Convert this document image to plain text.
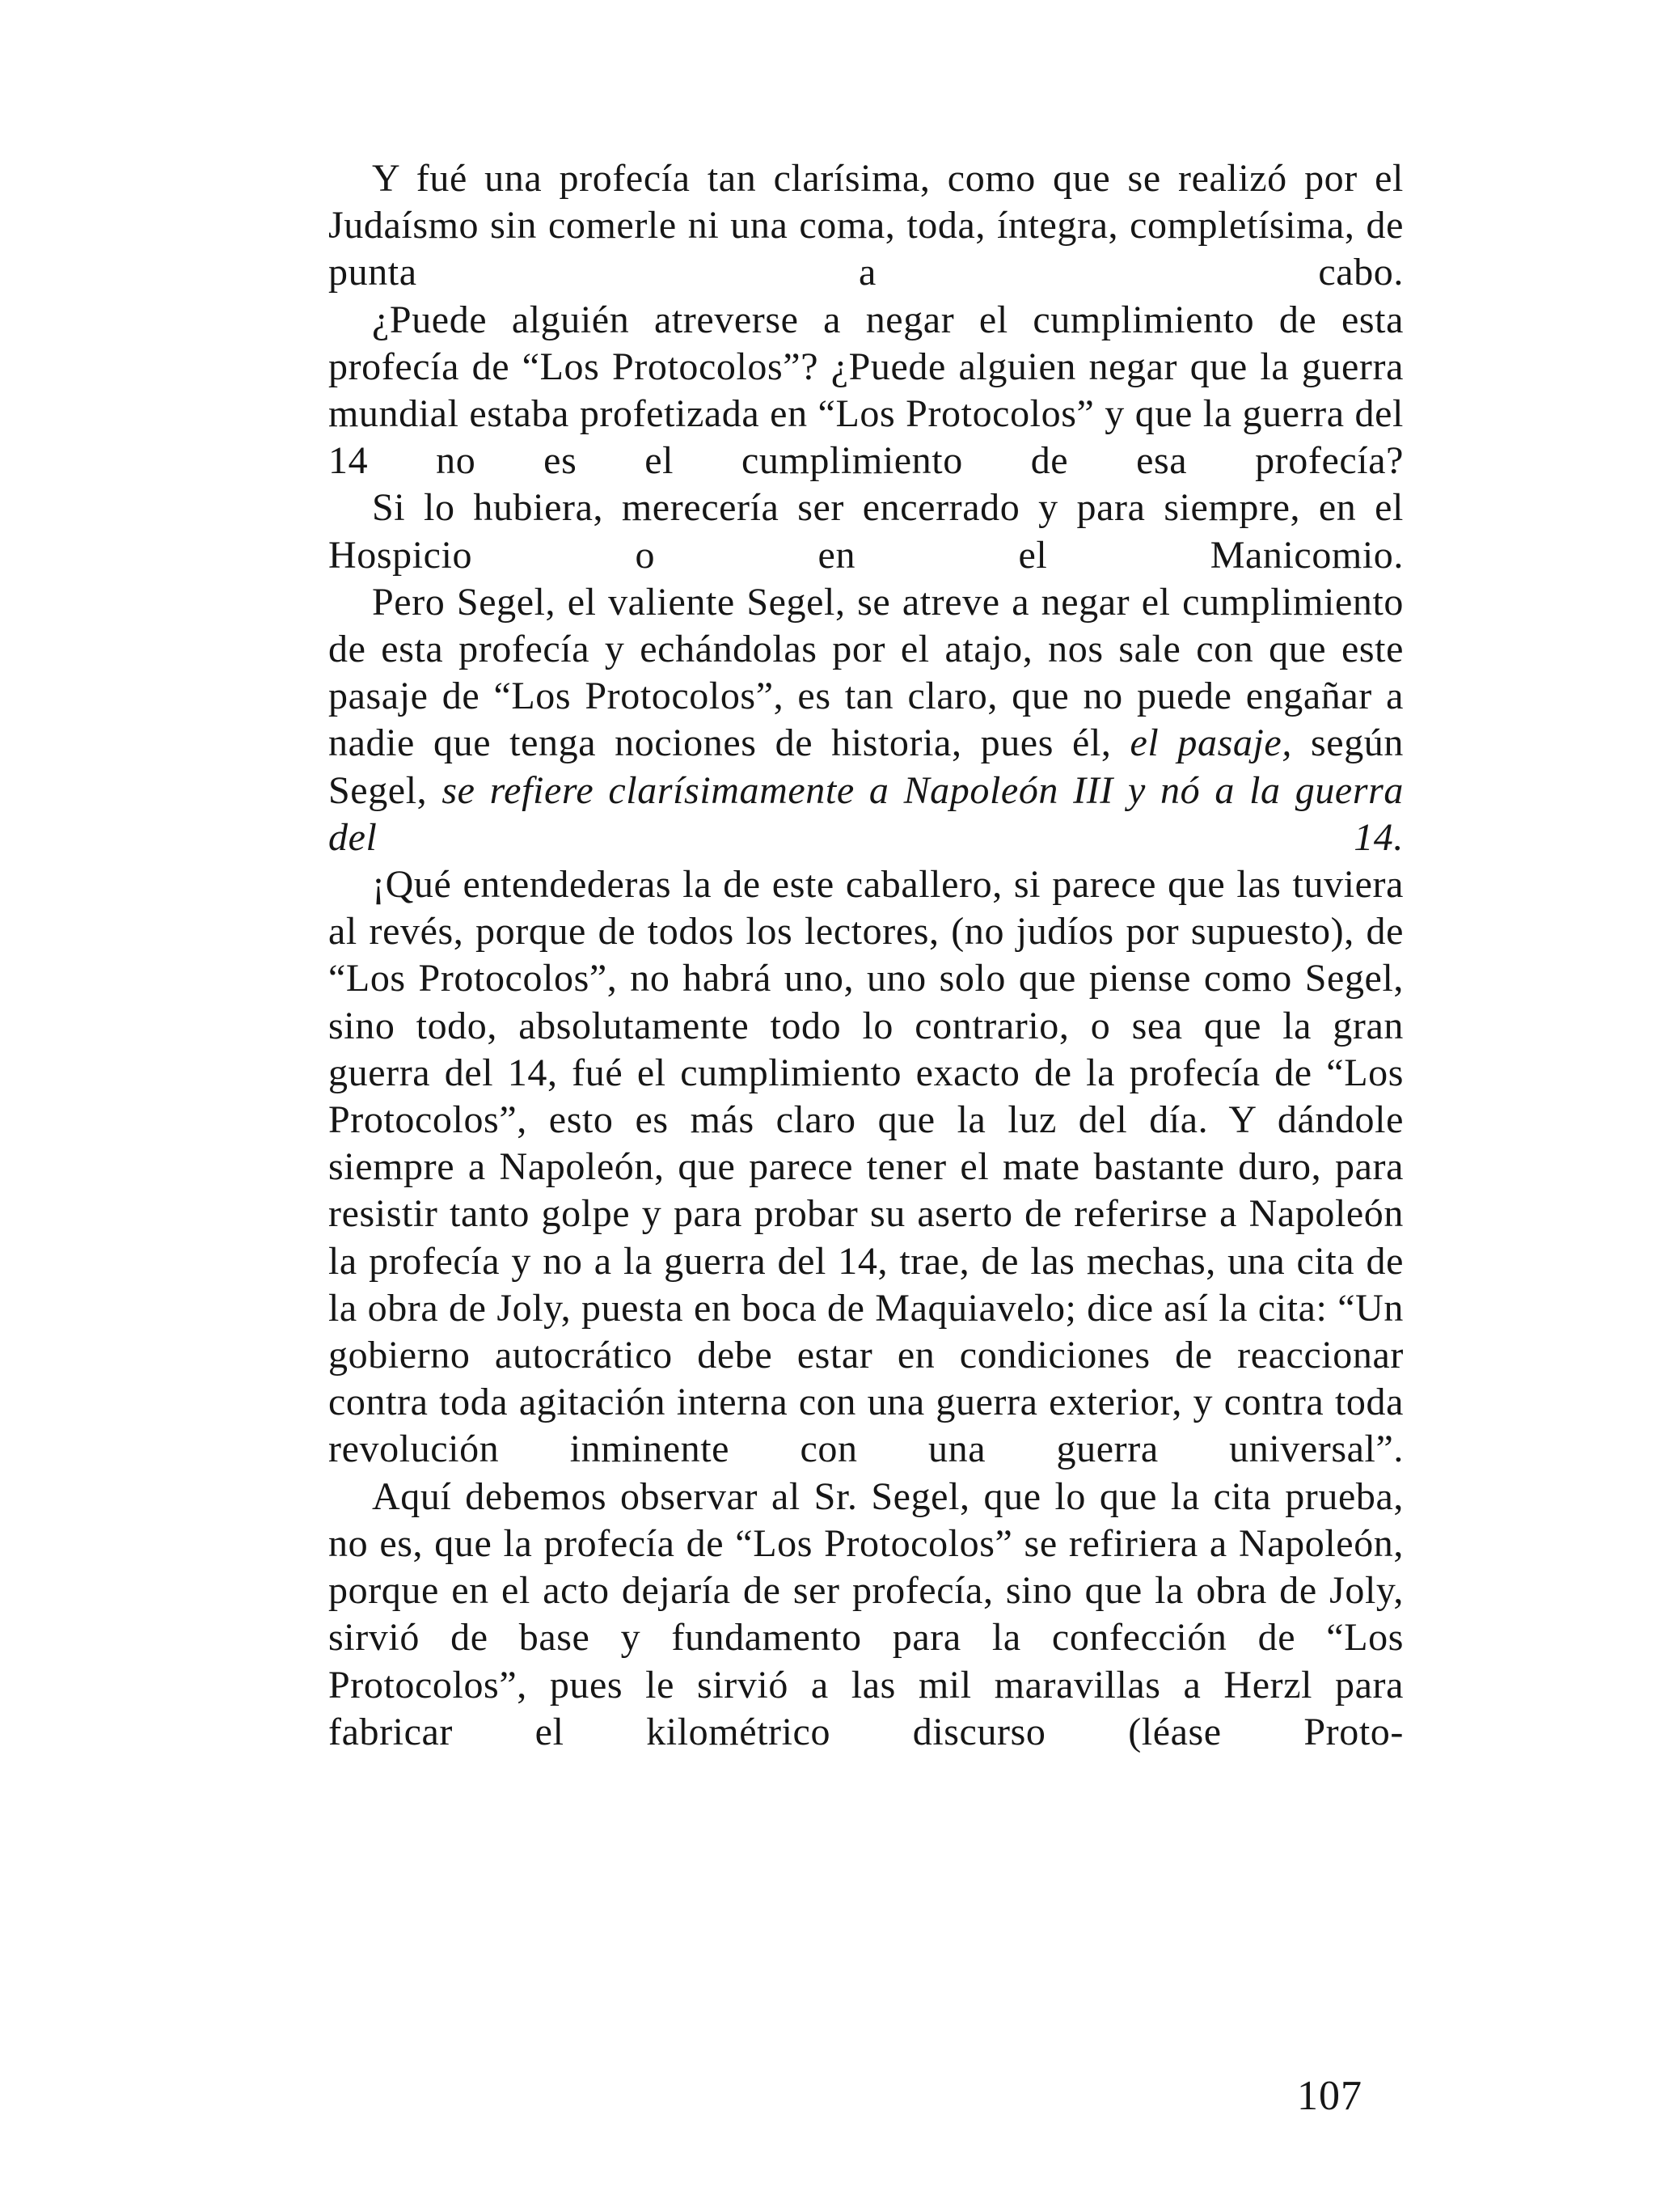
Y fué una profecía tan clarísima, como que se realizó por el Judaísmo sin comerle ni una coma, toda, íntegra, completísima, de punta a cabo.

¿Puede alguién atreverse a negar el cumplimiento de esta profecía de “Los Protocolos”? ¿Puede alguien negar que la guerra mundial estaba profetizada en “Los Protocolos” y que la guerra del 14 no es el cumplimiento de esa profecía?

Si lo hubiera, merecería ser encerrado y para siempre, en el Hospicio o en el Manicomio.

Pero Segel, el valiente Segel, se atreve a negar el cumplimiento de esta profecía y echándolas por el atajo, nos sale con que este pasaje de “Los Protocolos”, es tan claro, que no puede engañar a nadie que tenga nociones de historia, pues él, el pasaje, según Segel, se refiere clarísimamente a Napoleón III y nó a la guerra del 14.

¡Qué entendederas la de este caballero, si parece que las tuviera al revés, porque de todos los lectores, (no judíos por supuesto), de “Los Protocolos”, no habrá uno, uno solo que piense como Segel, sino todo, absolutamente todo lo contrario, o sea que la gran guerra del 14, fué el cumplimiento exacto de la profecía de “Los Protocolos”, esto es más claro que la luz del día. Y dándole siempre a Napoleón, que parece tener el mate bastante duro, para resistir tanto golpe y para probar su aserto de referirse a Napoleón la profecía y no a la guerra del 14, trae, de las mechas, una cita de la obra de Joly, puesta en boca de Maquiavelo; dice así la cita: “Un gobierno autocrático debe estar en condiciones de reaccionar contra toda agitación interna con una guerra exterior, y contra toda revolución inminente con una guerra universal”.

Aquí debemos observar al Sr. Segel, que lo que la cita prueba, no es, que la profecía de “Los Protocolos” se refiriera a Napoleón, porque en el acto dejaría de ser profecía, sino que la obra de Joly, sirvió de base y fundamento para la confección de “Los Protocolos”, pues le sirvió a las mil maravillas a Herzl para fabricar el kilométrico discurso (léase Proto-

107
